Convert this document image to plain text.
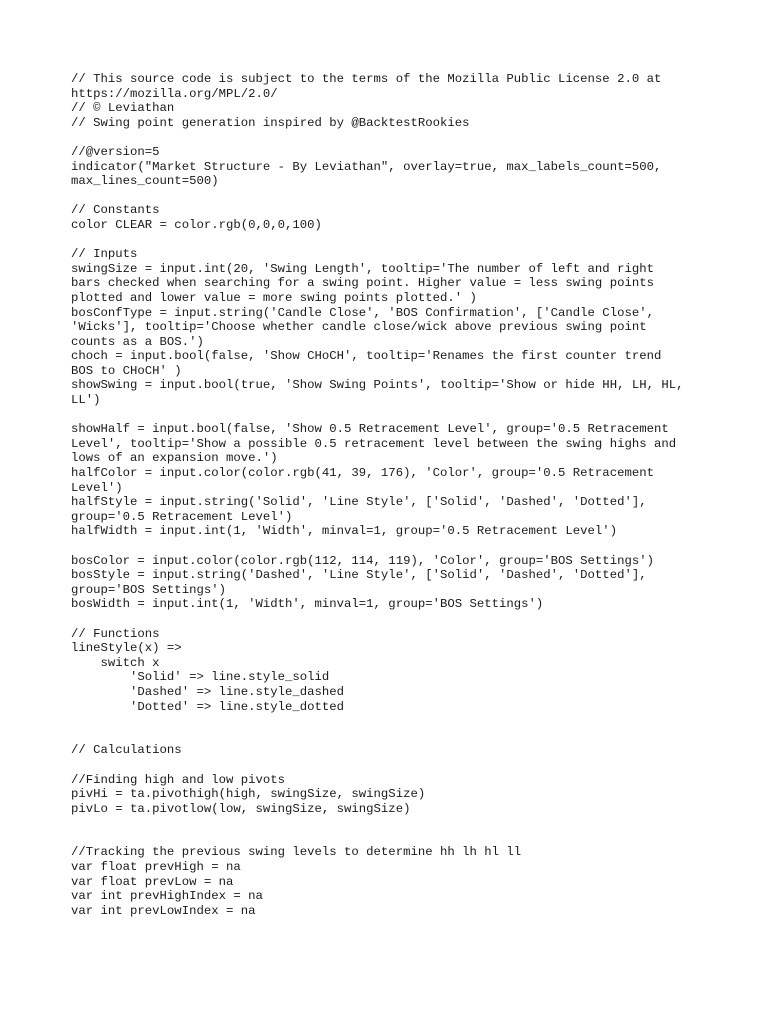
// This source code is subject to the terms of the Mozilla Public License 2.0 at
https://mozilla.org/MPL/2.0/
// © Leviathan
// Swing point generation inspired by @BacktestRookies
//@version=5
indicator("Market Structure - By Leviathan", overlay=true, max_labels_count=500,
max_lines_count=500)
// Constants
color CLEAR = color.rgb(0,0,0,100)
// Inputs
swingSize = input.int(20, 'Swing Length', tooltip='The number of left and right
bars checked when searching for a swing point. Higher value = less swing points
plotted and lower value = more swing points plotted.' )
bosConfType = input.string('Candle Close', 'BOS Confirmation', ['Candle Close',
'Wicks'], tooltip='Choose whether candle close/wick above previous swing point
counts as a BOS.')
choch = input.bool(false, 'Show CHoCH', tooltip='Renames the first counter trend
BOS to CHoCH' )
showSwing = input.bool(true, 'Show Swing Points', tooltip='Show or hide HH, LH, HL,
LL')
showHalf = input.bool(false, 'Show 0.5 Retracement Level', group='0.5 Retracement
Level', tooltip='Show a possible 0.5 retracement level between the swing highs and
lows of an expansion move.')
halfColor = input.color(color.rgb(41, 39, 176), 'Color', group='0.5 Retracement
Level')
halfStyle = input.string('Solid', 'Line Style', ['Solid', 'Dashed', 'Dotted'],
group='0.5 Retracement Level')
halfWidth = input.int(1, 'Width', minval=1, group='0.5 Retracement Level')
bosColor = input.color(color.rgb(112, 114, 119), 'Color', group='BOS Settings')
bosStyle = input.string('Dashed', 'Line Style', ['Solid', 'Dashed', 'Dotted'],
group='BOS Settings')
bosWidth = input.int(1, 'Width', minval=1, group='BOS Settings')
// Functions
lineStyle(x) =>
switch x
'Solid' => line.style_solid
'Dashed' => line.style_dashed
'Dotted' => line.style_dotted
// Calculations
//Finding high and low pivots
pivHi = ta.pivothigh(high, swingSize, swingSize)
pivLo = ta.pivotlow(low, swingSize, swingSize)
//Tracking the previous swing levels to determine hh lh hl ll
var float prevHigh = na
var float prevLow = na
var int prevHighIndex = na
var int prevLowIndex = na
